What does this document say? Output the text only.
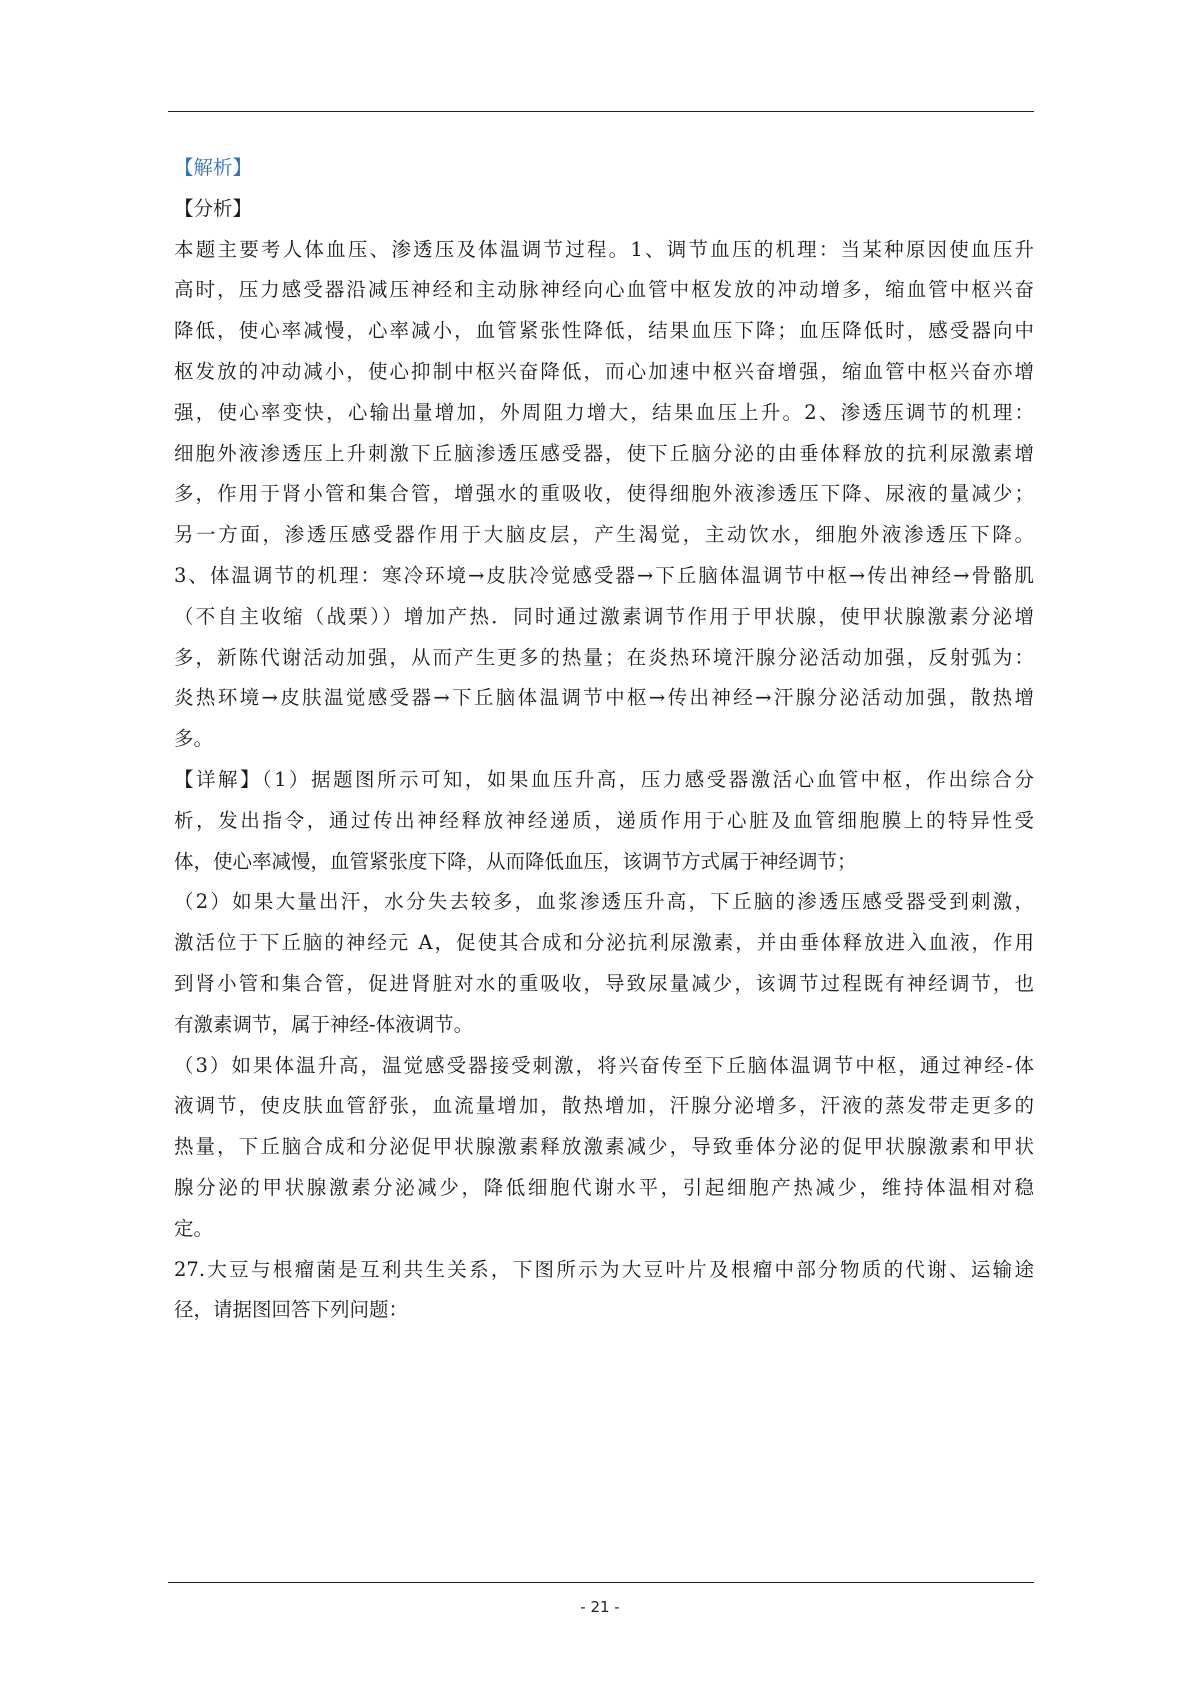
【解析】
【分析】
本题主要考人体血压、渗透压及体温调节过程。1、调节血压的机理：当某种原因使血压升
高时，压力感受器沿减压神经和主动脉神经向心血管中枢发放的冲动增多，缩血管中枢兴奋
降低，使心率减慢，心率减小，血管紧张性降低，结果血压下降；血压降低时，感受器向中
枢发放的冲动减小，使心抑制中枢兴奋降低，而心加速中枢兴奋增强，缩血管中枢兴奋亦增
强，使心率变快，心输出量增加，外周阻力增大，结果血压上升。2、渗透压调节的机理：
细胞外液渗透压上升刺激下丘脑渗透压感受器，使下丘脑分泌的由垂体释放的抗利尿激素增
多，作用于肾小管和集合管，增强水的重吸收，使得细胞外液渗透压下降、尿液的量减少；
另一方面，渗透压感受器作用于大脑皮层，产生渴觉，主动饮水，细胞外液渗透压下降。
3、体温调节的机理：寒冷环境→皮肤冷觉感受器→下丘脑体温调节中枢→传出神经→骨骼肌
（不自主收缩（战栗））增加产热．同时通过激素调节作用于甲状腺，使甲状腺激素分泌增
多，新陈代谢活动加强，从而产生更多的热量；在炎热环境汗腺分泌活动加强，反射弧为：
炎热环境→皮肤温觉感受器→下丘脑体温调节中枢→传出神经→汗腺分泌活动加强，散热增
多。
【详解】（1）据题图所示可知，如果血压升高，压力感受器激活心血管中枢，作出综合分
析，发出指令，通过传出神经释放神经递质，递质作用于心脏及血管细胞膜上的特异性受
体，使心率减慢，血管紧张度下降，从而降低血压，该调节方式属于神经调节；
（2）如果大量出汗，水分失去较多，血浆渗透压升高，下丘脑的渗透压感受器受到刺激，
激活位于下丘脑的神经元 A，促使其合成和分泌抗利尿激素，并由垂体释放进入血液，作用
到肾小管和集合管，促进肾脏对水的重吸收，导致尿量减少，该调节过程既有神经调节，也
有激素调节，属于神经-体液调节。
（3）如果体温升高，温觉感受器接受刺激，将兴奋传至下丘脑体温调节中枢，通过神经-体
液调节，使皮肤血管舒张，血流量增加，散热增加，汗腺分泌增多，汗液的蒸发带走更多的
热量，下丘脑合成和分泌促甲状腺激素释放激素减少，导致垂体分泌的促甲状腺激素和甲状
腺分泌的甲状腺激素分泌减少，降低细胞代谢水平，引起细胞产热减少，维持体温相对稳
定。
27.大豆与根瘤菌是互利共生关系，下图所示为大豆叶片及根瘤中部分物质的代谢、运输途
径，请据图回答下列问题：
- 21 -
